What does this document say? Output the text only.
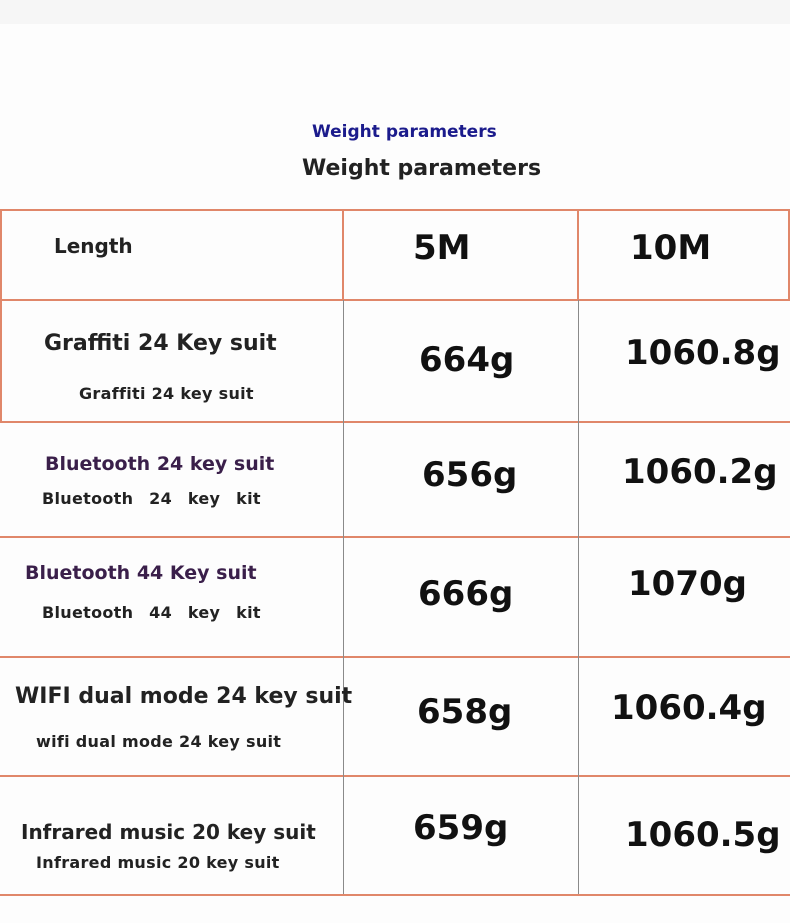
Weight parameters
Weight parameters
Length	5M	10M
Graffiti 24 Key suit
Graffiti 24 key suit
664g	1060.8g
Bluetooth 24 key suit
Bluetooth 24 key kit
656g	1060.2g
Bluetooth 44 Key suit
Bluetooth 44 key kit	666g	1070g
WIFI dual mode 24 key suit
wifi dual mode 24 key suit
658g	1060.4g
Infrared music 20 key suit
Infrared music 20 key suit
659g	1060.5g
